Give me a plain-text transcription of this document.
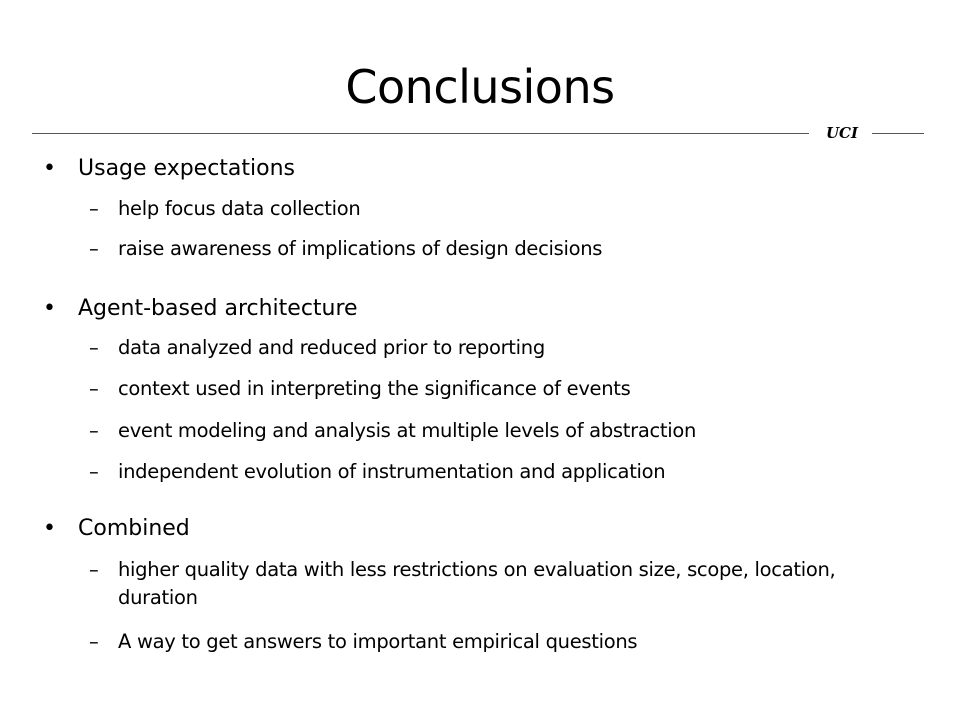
Conclusions
UCI
• Usage expectations
– help focus data collection
– raise awareness of implications of design decisions
• Agent-based architecture
– data analyzed and reduced prior to reporting
– context used in interpreting the significance of events
– event modeling and analysis at multiple levels of abstraction
– independent evolution of instrumentation and application
• Combined
– higher quality data with less restrictions on evaluation size, scope, location, duration
– A way to get answers to important empirical questions
